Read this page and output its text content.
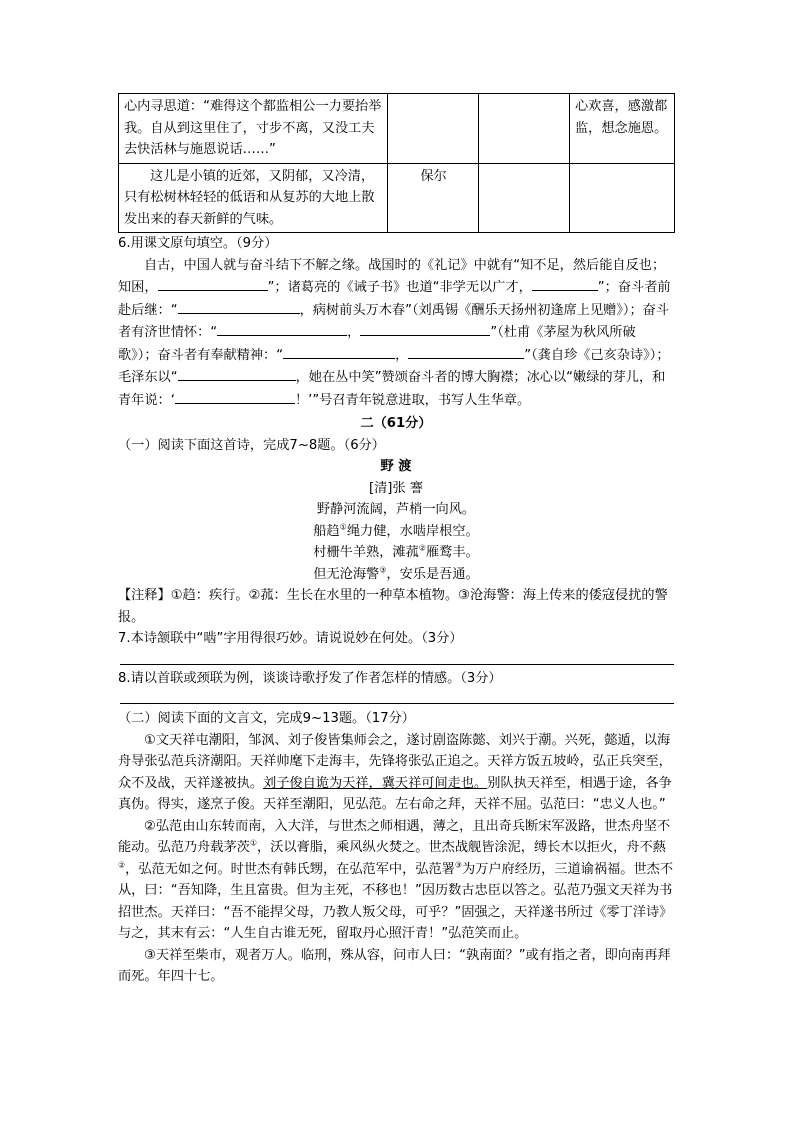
心内寻思道：“难得这个都监相公一力要抬举我。自从到这里住了，寸步不离，又没工夫去快活林与施恩说话……”			心欢喜，感激都监，想念施恩。
这儿是小镇的近郊，又阴郁，又冷清，只有松树林轻轻的低语和从复苏的大地上散发出来的春天新鲜的气味。	保尔		

6.用课文原句填空。（9分）

自古，中国人就与奋斗结下不解之缘。战国时的《礼记》中就有“知不足，然后能自反也；知困，	”；诸葛亮的《诫子书》也道“非学无以广才，	”；奋斗者前赴后继：“	，病树前头万木春”（刘禹锡《酬乐天扬州初逢席上见赠》）；奋斗者有济世情怀：“	，	”（杜甫《茅屋为秋风所破歌》）；奋斗者有奉献精神：“	，	”（龚自珍《己亥杂诗》）；毛泽东以“	，她在丛中笑”赞颂奋斗者的博大胸襟；冰心以“嫩绿的芽儿，和青年说：‘	！’”号召青年锐意进取，书写人生华章。

二（61分）

（一）阅读下面这首诗，完成7~8题。（6分）

野 渡

[清]张 謇

野静河流阔，芦梢一向风。

船趋①绳力健，水啮岸根空。

村栅牛羊熟，滩菰②雁鹜丰。

但无沧海警③，安乐是吾通。

【注释】①趋：疾行。②菰：生长在水里的一种草本植物。③沧海警：海上传来的倭寇侵扰的警报。

7.本诗颔联中“啮”字用得很巧妙。请说说妙在何处。（3分）

8.请以首联或颈联为例，谈谈诗歌抒发了作者怎样的情感。（3分）

（二）阅读下面的文言文，完成9~13题。（17分）

①文天祥屯潮阳，邹沨、刘子俊皆集师会之，遂讨剧盗陈懿、刘兴于潮。兴死，懿遁，以海舟导张弘范兵济潮阳。天祥帅麾下走海丰，先锋将张弘正追之。天祥方饭五坡岭，弘正兵突至，众不及战，天祥遂被执。刘子俊自诡为天祥，冀天祥可间走也。别队执天祥至，相遇于途，各争真伪。得实，遂烹子俊。天祥至潮阳，见弘范。左右命之拜，天祥不屈。弘范曰：“忠义人也。”

②弘范由山东转而南，入大洋，与世杰之师相遇，薄之，且出奇兵断宋军汲路，世杰舟坚不能动。弘范乃舟载茅茨①，沃以膏脂，乘风纵火焚之。世杰战舰皆涂泥，缚长木以拒火，舟不爇②，弘范无如之何。时世杰有韩氏甥，在弘范军中，弘范署③为万户府经历，三道谕祸福。世杰不从，曰：“吾知降，生且富贵。但为主死，不移也！”因历数古忠臣以答之。弘范乃强文天祥为书招世杰。天祥曰：“吾不能捍父母，乃教人叛父母，可乎？”固强之，天祥遂书所过《零丁洋诗》与之，其末有云：“人生自古谁无死，留取丹心照汗青！”弘范笑而止。

③天祥至柴市，观者万人。临刑，殊从容，问市人曰：“孰南面？”或有指之者，即向南再拜而死。年四十七。
